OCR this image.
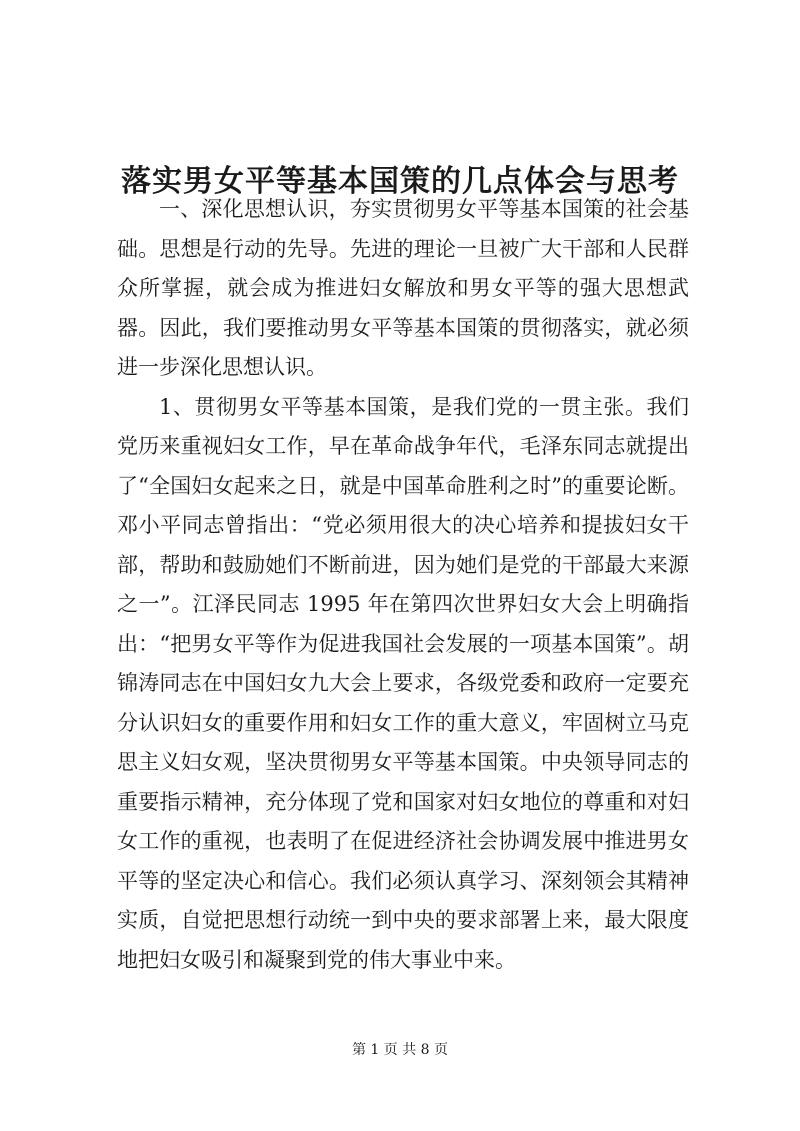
落实男女平等基本国策的几点体会与思考

一、深化思想认识，夯实贯彻男女平等基本国策的社会基础。思想是行动的先导。先进的理论一旦被广大干部和人民群众所掌握，就会成为推进妇女解放和男女平等的强大思想武器。因此，我们要推动男女平等基本国策的贯彻落实，就必须进一步深化思想认识。

1、贯彻男女平等基本国策，是我们党的一贯主张。我们党历来重视妇女工作，早在革命战争年代，毛泽东同志就提出了“全国妇女起来之日，就是中国革命胜利之时”的重要论断。邓小平同志曾指出：“党必须用很大的决心培养和提拔妇女干部，帮助和鼓励她们不断前进，因为她们是党的干部最大来源之一”。江泽民同志 1995 年在第四次世界妇女大会上明确指出：“把男女平等作为促进我国社会发展的一项基本国策”。胡锦涛同志在中国妇女九大会上要求，各级党委和政府一定要充分认识妇女的重要作用和妇女工作的重大意义，牢固树立马克思主义妇女观，坚决贯彻男女平等基本国策。中央领导同志的重要指示精神，充分体现了党和国家对妇女地位的尊重和对妇女工作的重视，也表明了在促进经济社会协调发展中推进男女平等的坚定决心和信心。我们必须认真学习、深刻领会其精神实质，自觉把思想行动统一到中央的要求部署上来，最大限度地把妇女吸引和凝聚到党的伟大事业中来。

第 1 页 共 8 页
